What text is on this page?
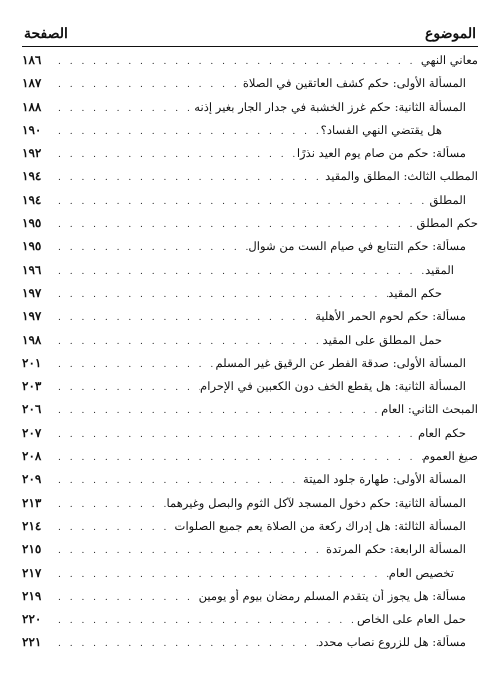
الموضوع
الصفحة
معاني النهي
. . .
١٨٦
المسألة الأولى: حكم كشف العاتقين في الصلاة
. . .
١٨٧
المسألة الثانية: حكم غرز الخشبة في جدار الجار بغير إذنه
. . .
١٨٨
هل يقتضي النهي الفساد؟
. . .
١٩٠
مسألة: حكم من صام يوم العيد نذرًا
. . .
١٩٢
المطلب الثالث: المطلق والمقيد
. . .
١٩٤
المطلق
. . .
١٩٤
حكم المطلق
. . .
١٩٥
مسألة: حكم التتابع في صيام الست من شوال
. . .
١٩٥
المقيد
. . .
١٩٦
حكم المقيد
. . .
١٩٧
مسألة: حكم لحوم الحمر الأهلية
. . .
١٩٧
حمل المطلق على المقيد
. . .
١٩٨
المسألة الأولى: صدقة الفطر عن الرقيق غير المسلم
. . .
٢٠١
المسألة الثانية: هل يقطع الخف دون الكعبين في الإحرام
. . .
٢٠٣
المبحث الثاني: العام
. . .
٢٠٦
حكم العام
. . .
٢٠٧
صيغ العموم
. . .
٢٠٨
المسألة الأولى: طهارة جلود الميتة
. . .
٢٠٩
المسألة الثانية: حكم دخول المسجد لآكل الثوم والبصل وغيرهما
. . .
٢١٣
المسألة الثالثة: هل إدراك ركعة من الصلاة يعم جميع الصلوات
. . .
٢١٤
المسألة الرابعة: حكم المرتدة
. . .
٢١٥
تخصيص العام
. . .
٢١٧
مسألة: هل يجوز أن يتقدم المسلم رمضان بيوم أو يومين
. . .
٢١٩
حمل العام على الخاص
. . .
٢٢٠
مسألة: هل للزروع نصاب محدد
. . .
٢٢١
